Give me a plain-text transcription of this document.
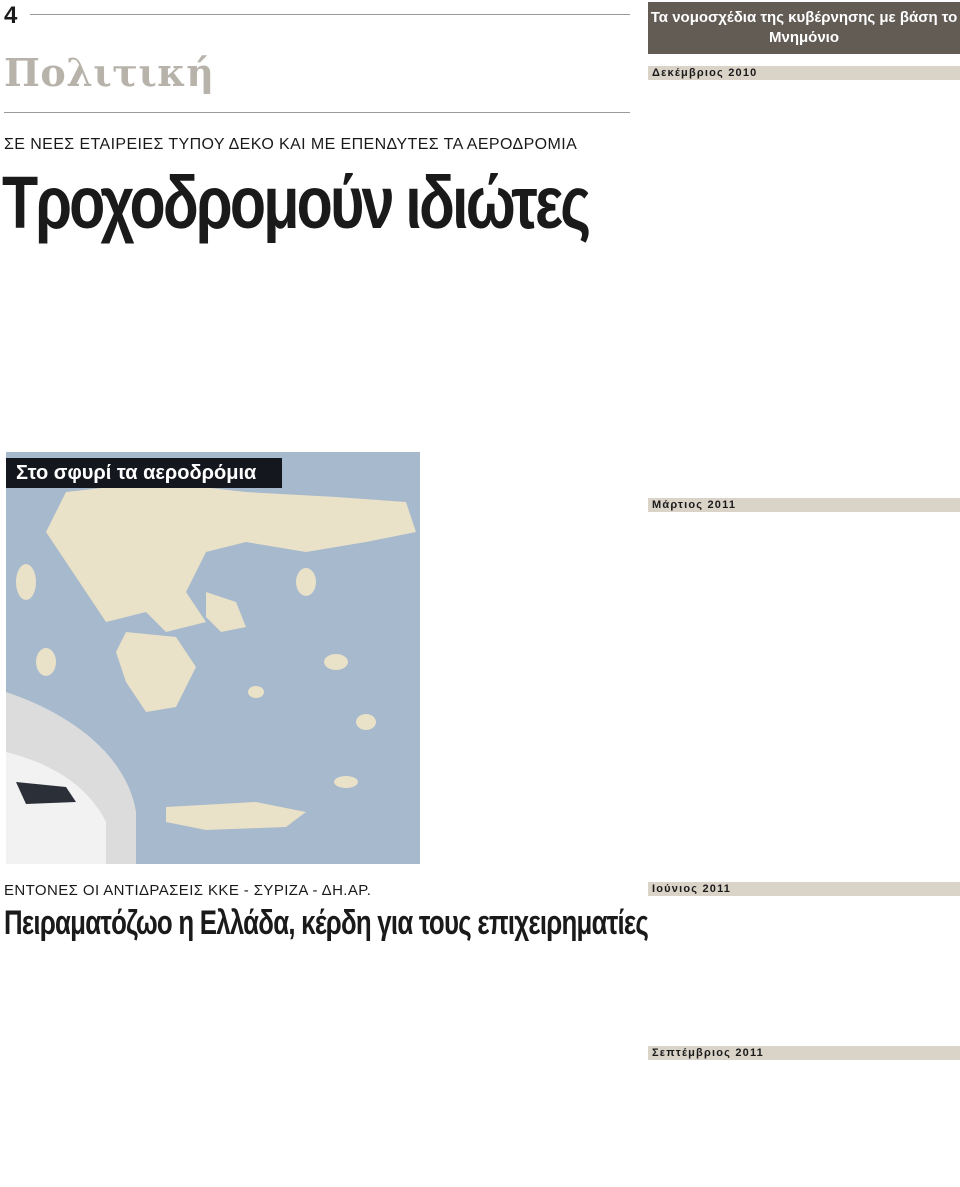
4
Πολιτική
ΣΕ ΝΕΕΣ ΕΤΑΙΡΕΙΕΣ ΤΥΠΟΥ ΔΕΚΟ ΚΑΙ ΜΕ ΕΠΕΝΔΥΤΕΣ ΤΑ ΑΕΡΟΔΡΟΜΙΑ
Τροχοδρομούν ιδιώτες
Στο σφυρί τα αεροδρόμια
ΕΝΤΟΝΕΣ ΟΙ ΑΝΤΙΔΡΑΣΕΙΣ ΚΚΕ - ΣΥΡΙΖΑ - ΔΗ.ΑΡ.
Πειραματόζωο η Ελλάδα, κέρδη για τους επιχειρηματίες
Τα νομοσχέδια της κυβέρνησης με βάση το Μνημόνιο
Δεκέμβριος 2010
Μάρτιος 2011
Ιούνιος 2011
Σεπτέμβριος 2011
